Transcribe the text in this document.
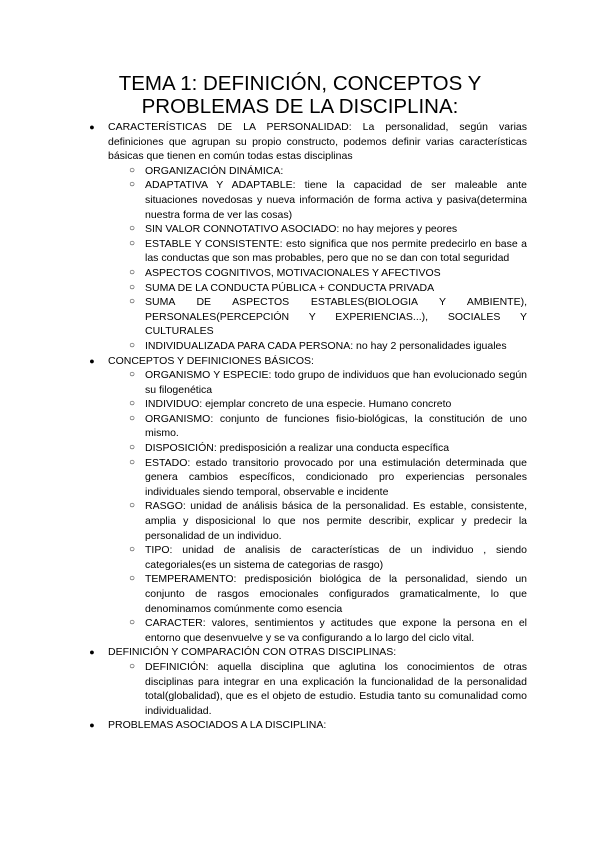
TEMA 1: DEFINICIÓN, CONCEPTOS Y PROBLEMAS DE LA DISCIPLINA:
●	CARACTERÍSTICAS DE LA PERSONALIDAD: La personalidad, según varias definiciones que agrupan su propio constructo, podemos definir varias características básicas que tienen en común todas estas disciplinas
○ ORGANIZACIÓN DINÁMICA:
○ ADAPTATIVA Y ADAPTABLE: tiene la capacidad de ser maleable ante situaciones novedosas y nueva información de forma activa y pasiva(determina nuestra forma de ver las cosas)
○ SIN VALOR CONNOTATIVO ASOCIADO: no hay mejores y peores
○ ESTABLE Y CONSISTENTE: esto significa que nos permite predecirlo en base a las conductas que son mas probables, pero que no se dan con total seguridad
○ ASPECTOS COGNITIVOS, MOTIVACIONALES Y AFECTIVOS
○ SUMA DE LA CONDUCTA PÚBLICA + CONDUCTA PRIVADA
○ SUMA DE ASPECTOS ESTABLES(BIOLOGIA Y AMBIENTE), PERSONALES(PERCEPCIÓN Y EXPERIENCIAS...), SOCIALES Y CULTURALES
○ INDIVIDUALIZADA PARA CADA PERSONA: no hay 2 personalidades iguales
●	CONCEPTOS Y DEFINICIONES BÁSICOS:
○ ORGANISMO Y ESPECIE: todo grupo de individuos que han evolucionado según su filogenética
○ INDIVIDUO: ejemplar concreto de una especie. Humano concreto
○ ORGANISMO: conjunto de funciones fisio-biológicas, la constitución de uno mismo.
○ DISPOSICIÓN: predisposición a realizar una conducta específica
○ ESTADO: estado transitorio provocado por una estimulación determinada que genera cambios específicos, condicionado pro experiencias personales individuales siendo temporal, observable e incidente
○ RASGO: unidad de análisis básica de la personalidad. Es estable, consistente, amplia y disposicional lo que nos permite describir, explicar y predecir la personalidad de un individuo.
○ TIPO: unidad de analisis de características de un individuo , siendo categoriales(es un sistema de categorias de rasgo)
○ TEMPERAMENTO: predisposición biológica de la personalidad, siendo un conjunto de rasgos emocionales configurados gramaticalmente, lo que denominamos comúnmente como esencia
○ CARACTER: valores, sentimientos y actitudes que expone la persona en el entorno que desenvuelve y se va configurando a lo largo del ciclo vital.
●	DEFINICIÓN Y COMPARACIÓN CON OTRAS DISCIPLINAS:
○ DEFINICIÓN: aquella disciplina que aglutina los conocimientos de otras disciplinas para integrar en una explicación la funcionalidad de la personalidad total(globalidad), que es el objeto de estudio. Estudia tanto su comunalidad como individualidad.
●	PROBLEMAS ASOCIADOS A LA DISCIPLINA:
